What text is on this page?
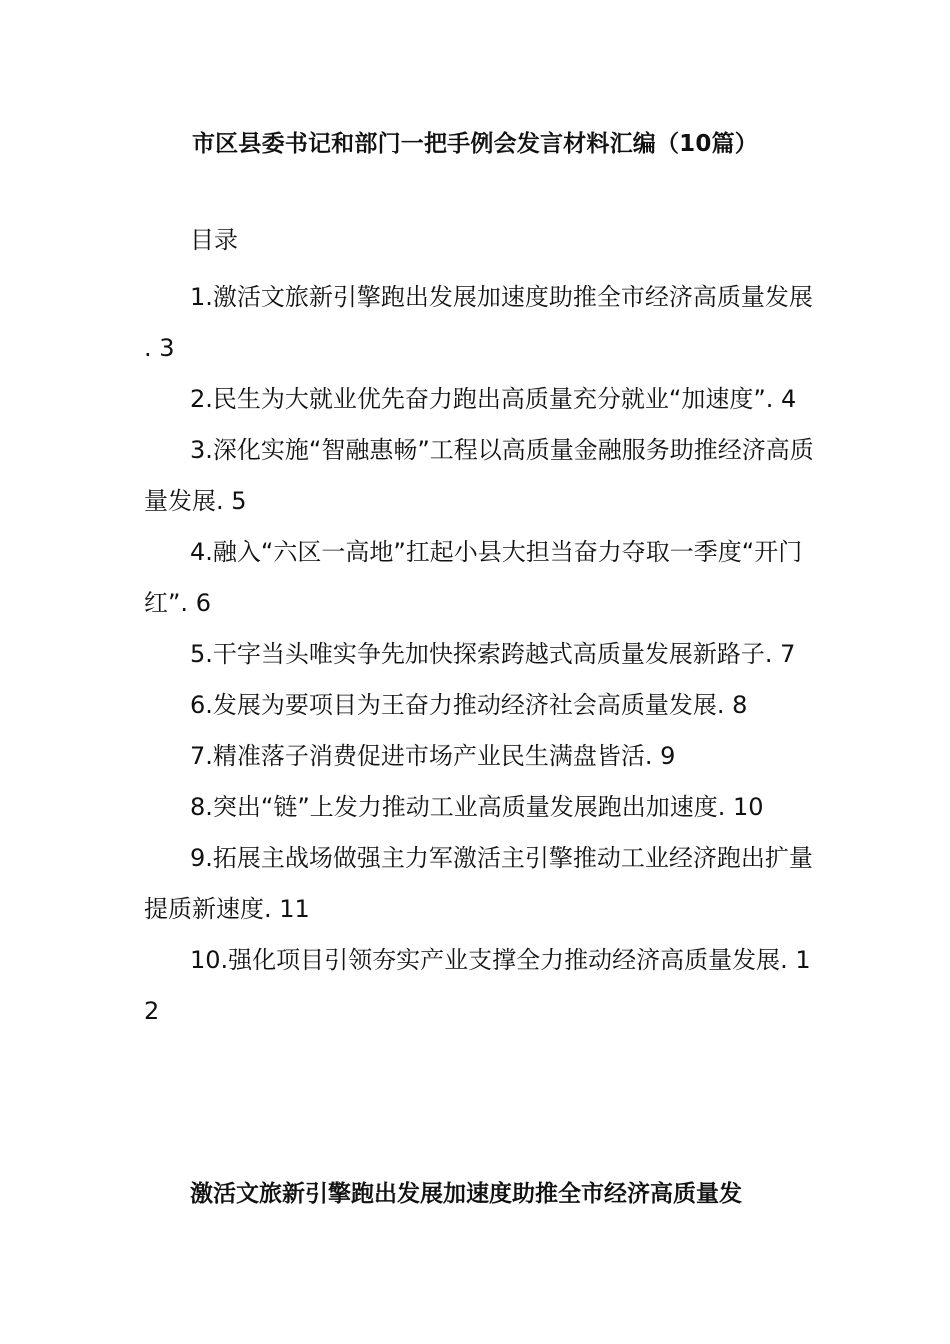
市区县委书记和部门一把手例会发言材料汇编（10篇）
目录
1.激活文旅新引擎跑出发展加速度助推全市经济高质量发展. 3
2.民生为大就业优先奋力跑出高质量充分就业“加速度”. 4
3.深化实施“智融惠畅”工程以高质量金融服务助推经济高质量发展. 5
4.融入“六区一高地”扛起小县大担当奋力夺取一季度“开门红”. 6
5.干字当头唯实争先加快探索跨越式高质量发展新路子. 7
6.发展为要项目为王奋力推动经济社会高质量发展. 8
7.精准落子消费促进市场产业民生满盘皆活. 9
8.突出“链”上发力推动工业高质量发展跑出加速度. 10
9.拓展主战场做强主力军激活主引擎推动工业经济跑出扩量提质新速度. 11
10.强化项目引领夯实产业支撑全力推动经济高质量发展. 12
激活文旅新引擎跑出发展加速度助推全市经济高质量发
